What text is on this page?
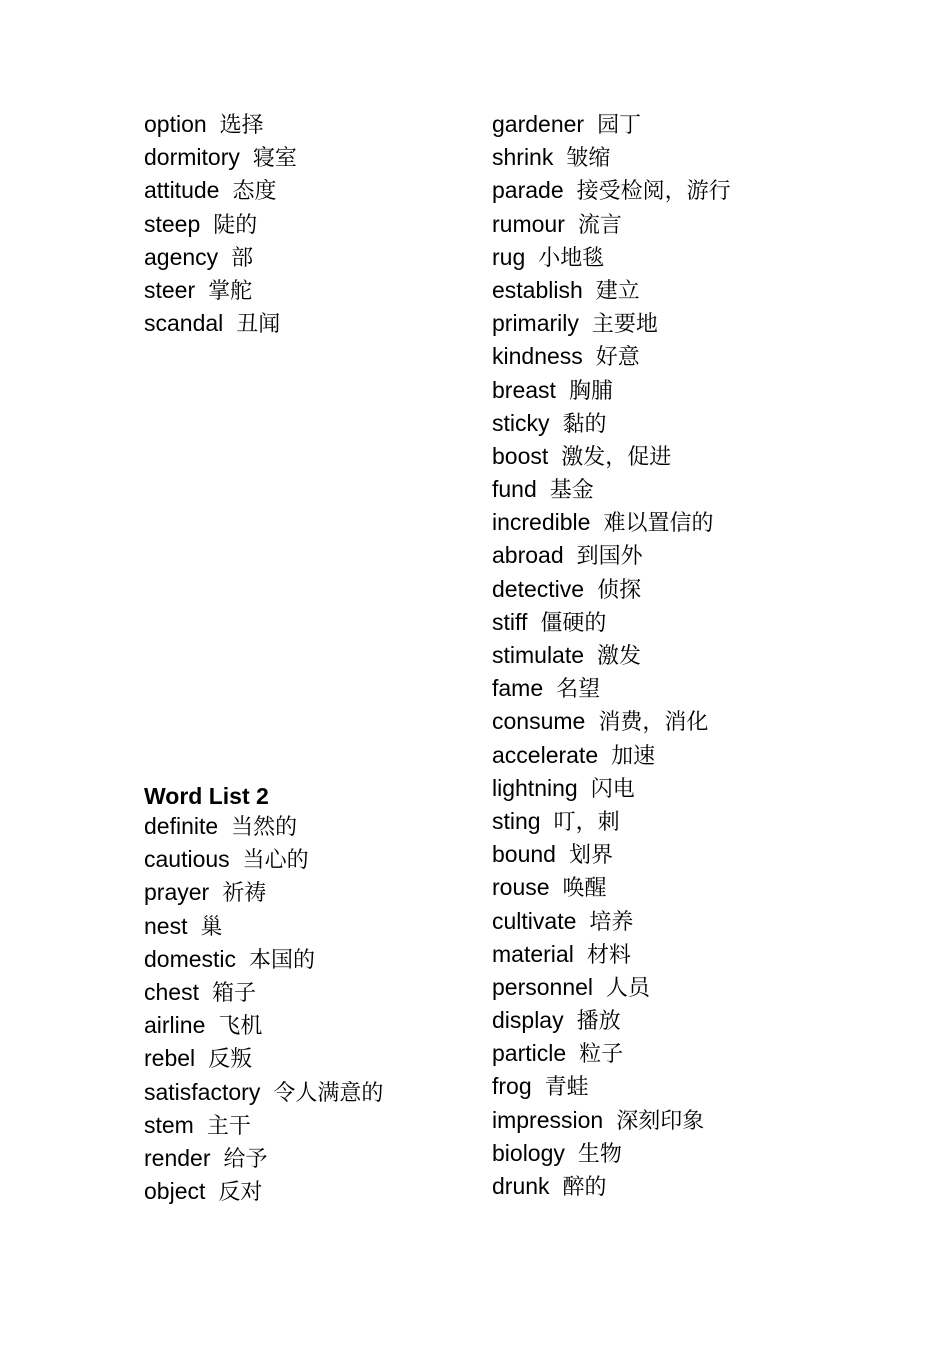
option 选择
dormitory 寝室
attitude 态度
steep 陡的
agency 部
steer 掌舵
scandal 丑闻
Word List 2
definite 当然的
cautious 当心的
prayer 祈祷
nest 巢
domestic 本国的
chest 箱子
airline 飞机
rebel 反叛
satisfactory 令人满意的
stem 主干
render 给予
object 反对
gardener 园丁
shrink 皱缩
parade 接受检阅，游行
rumour 流言
rug 小地毯
establish 建立
primarily 主要地
kindness 好意
breast 胸脯
sticky 黏的
boost 激发，促进
fund 基金
incredible 难以置信的
abroad 到国外
detective 侦探
stiff 僵硬的
stimulate 激发
fame 名望
consume 消费，消化
accelerate 加速
lightning 闪电
sting 叮，刺
bound 划界
rouse 唤醒
cultivate 培养
material 材料
personnel 人员
display 播放
particle 粒子
frog 青蛙
impression 深刻印象
biology 生物
drunk 醉的
